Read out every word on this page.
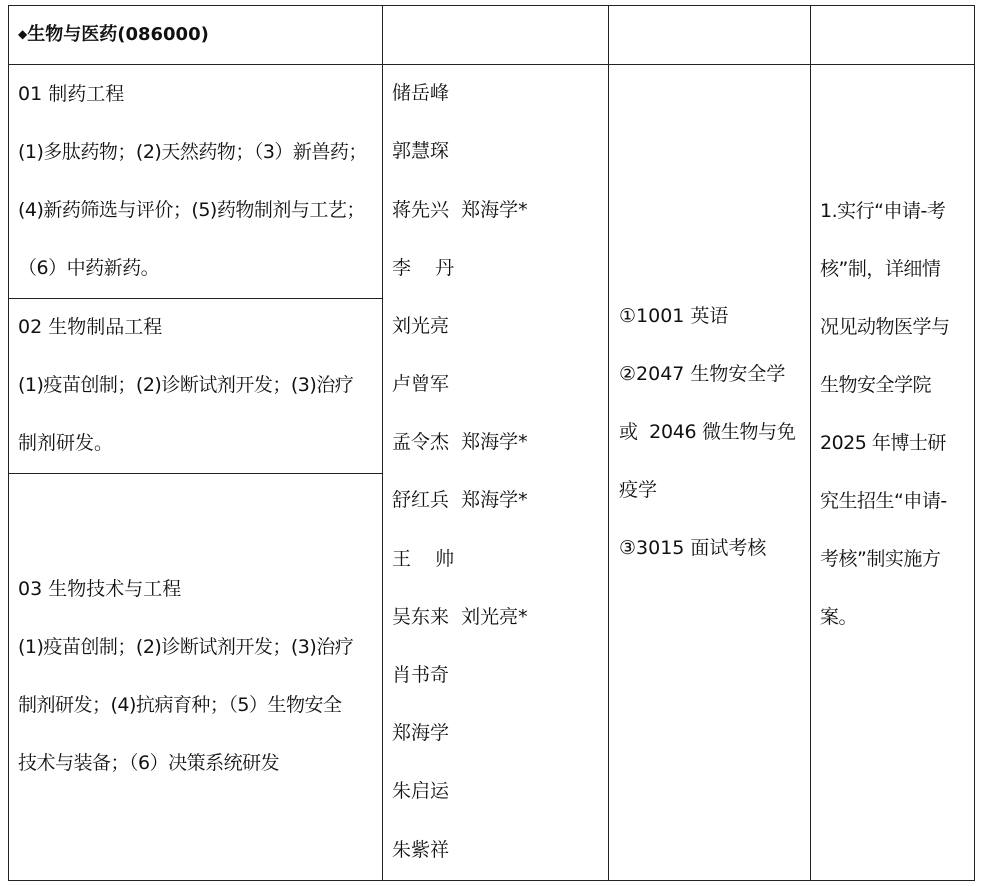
◆生物与医药(086000)
01 制药工程
(1)多肽药物；(2)天然药物；（3）新兽药；
(4)新药筛选与评价；(5)药物制剂与工艺；
（6）中药新药。
02 生物制品工程
(1)疫苗创制；(2)诊断试剂开发；(3)治疗
制剂研发。
03 生物技术与工程
(1)疫苗创制；(2)诊断试剂开发；(3)治疗
制剂研发；(4)抗病育种；（5）生物安全
技术与装备；（6）决策系统研发
储岳峰
郭慧琛
蒋先兴  郑海学*
李    丹
刘光亮
卢曾军
孟令杰  郑海学*
舒红兵  郑海学*
王    帅
吴东来  刘光亮*
肖书奇
郑海学
朱启运
朱紫祥
①1001 英语
②2047 生物安全学
或  2046 微生物与免
疫学
③3015 面试考核
1.实行“申请-考
核”制，详细情
况见动物医学与
生物安全学院
2025 年博士研
究生招生“申请-
考核”制实施方
案。
